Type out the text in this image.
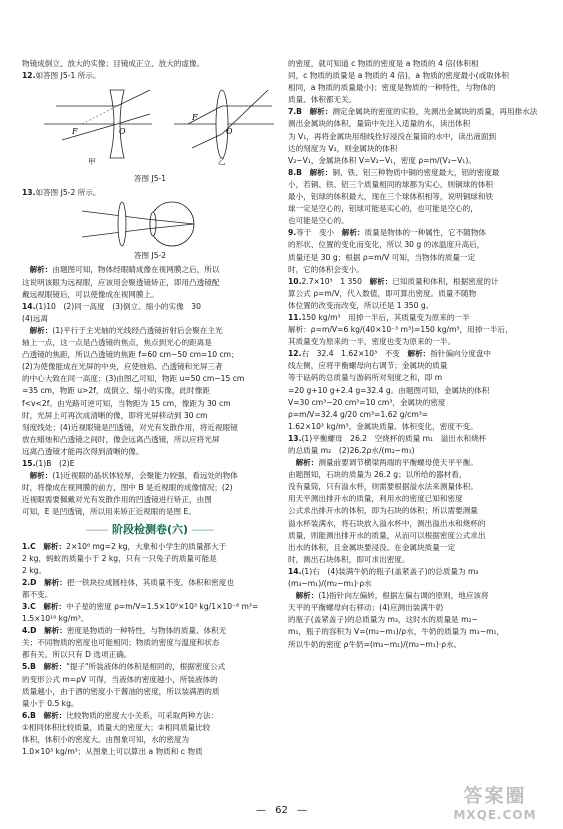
物镜成倒立、放大的实像；目镜成正立、放大的虚像。

12.如答图 J5-1 所示。

F	O
F
O
甲	乙

答图 J5-1

13.如答图 J5-2 所示。

答图 J5-2

　解析：由题图可知，物体经眼睛成像在视网膜之后，所以

这说明该眼为远视眼，应该用会聚透镜矫正，即用凸透镜配

戴远视眼镜后，可以使像成在视网膜上。

14.(1)10　(2)同一高度　(3)倒立、缩小的实像　30

(4)远离

　解析：(1)平行于主光轴的光线经凸透镜折射后会聚在主光

轴上一点，这一点是凸透镜的焦点，焦点到光心的距离是

凸透镜的焦距，所以凸透镜的焦距 f=60 cm−50 cm=10 cm；

(2)为使像能成在光屏的中央，应使烛焰、凸透镜和光屏三者

的中心大致在同一高度；(3)由图乙可知，物距 u=50 cm−15 cm

=35 cm，物距 u>2f，成倒立、缩小的实像，此时像距

f<v<2f。由光路可逆可知，当物距为 15 cm，像距为 30 cm

时，光屏上可再次成清晰的像，即将光屏移动到 30 cm

刻度线处；(4)近视眼镜是凹透镜，对光有发散作用，将近视眼镜

放在蜡烛和凸透镜之间时，像会远离凸透镜，所以应将光屏

远离凸透镜才能再次得到清晰的像。

15.(1)B　(2)E

　解析：(1)近视眼的晶状体较厚，会聚能力较强，看远处的物体

时，将像成在视网膜的前方，图中 B 是近视眼的成像情况；(2)

近视眼需要佩戴对光有发散作用的凹透镜进行矫正，由图

可知，E 是凹透镜，所以用来矫正近视眼的是图 E。

―― 阶段检测卷(六) ――

1.C　 解析：2×10⁶ mg=2 kg，大象和小学生的质量都大于

2 kg，蚂蚁的质量小于 2 kg，只有一只兔子的质量可能是

2 kg。

2.D　 解析：把一铁块拉成圆柱体，其质量不变，体积和密度也

都不变。

3.C　 解析：中子星的密度 ρ=m/V=1.5×10⁹×10³ kg/1×10⁻⁶ m³=

1.5×10¹⁸ kg/m³。

4.D　 解析：密度是物质的一种特性，与物体的质量、体积无

关；不同物质的密度也可能相同；物质的密度与温度和状态

都有关。所以只有 D 选项正确。

5.B　 解析："提子"所装液体的体积是相同的，根据密度公式

的变形公式 m=ρV 可得，当液体的密度越小，所装液体的

质量越小，由于酒的密度小于酱油的密度，所以装满酒的质

量小于 0.5 kg。

6.B　 解析：比较物质的密度大小关系，可采取两种方法：

①相同体积比较质量，质量大的密度大；②相同质量比较

体积，体积小的密度大。由图象可知，水的密度为

1.0×10³ kg/m³；从图象上可以算出 a 物质和 c 物质

的密度，就可知道 c 物质的密度是 a 物质的 4 倍(体积相

同，c 物质的质量是 a 物质的 4 倍)，a 物质的密度最小(或取体积

相同，a 物质的质量最小)；密度是物质的一种特性，与物体的

质量、体积都无关。

7.B　 解析：测定金属块的密度的实验，先测出金属块的质量，再用排水法

测出金属块的体积，量筒中先注入适量的水，读出体积

为 V₁，再将金属块用细线拴好浸没在量筒的水中，读出液面到

达的刻度为 V₂，则金属块的体积

V₂−V₁，金属块体积 V=V₂−V₁，密度 ρ=m/(V₂−V₁)。

8.B　 解析：铜、铁、铝三种物质中铜的密度最大，铝的密度最

小，若铜、铁、铝三个质量相同的球都为实心，则铜球的体积

最小，铝球的体积最大，现在三个球体积相等，说明铜球和铁

球一定是空心的，铝球可能是实心的，也可能是空心的，

也可能是空心的。

9.等于　变小　 解析：质量是物体的一种属性，它不随物体

的形状、位置的变化而变化，所以 30 g 的冰温度升高后，

质量还是 30 g；根据 ρ=m/V 可知，当物体的质量一定

时，它的体积会变小。

10.2.7×10³　1 350　 解析：已知质量和体积，根据密度的计

算公式 ρ=m/V，代入数值，即可算出密度。质量不随物

体位置的改变而改变，所以还是 1 350 g。

11.150 kg/m³　用掉一半后，其质量变为原来的一半

解析：ρ=m/V=6 kg/(40×10⁻³ m³)=150 kg/m³，用掉一半后，

其质量变为原来的一半，密度也变为原来的一半。

12.右　32.4　1.62×10³　不变　 解析：指针偏向分度盘中

线左侧，应将平衡螺母向右调节；金属块的质量

等于砝码的总质量与游码所对刻度之和，即 m

=20 g+10 g+2.4 g=32.4 g。由题图可知，金属块的体积

V=30 cm³−20 cm³=10 cm³，金属块的密度

ρ=m/V=32.4 g/20 cm³=1.62 g/cm³=

1.62×10³ kg/m³。金属块质量、体积变化，密度不变。

13.(1)平衡螺母　26.2　空烧杯的质量 m₁　溢出水和烧杯

的总质量 m₂　(2)26.2ρ水/(m₂−m₁)

　解析：测量前要调节横梁两端的平衡螺母使天平平衡。

由题图知，石块的质量为 26.2 g；以所给的器材看，

没有量筒，只有溢水杯，则需要根据溢水法来测量体积。

用天平测出排开水的质量，利用水的密度已知和密度

公式求出排开水的体积，即为石块的体积；所以需要测量

溢水杯装满水，将石块放入溢水杯中，测出溢出水和烧杯的

质量，则能测出排开水的质量，从而可以根据密度公式求出

出水的体积，且金属块要浸没。在金属块质量一定

时，测出石块体积，即可求出密度。

14.(1)右　(4)装满牛奶的瓶子(盖紧盖子)的总质量为 m₃

(m₃−m₁)/(m₂−m₁)·ρ水

　解析：(1)指针向左偏转，根据左偏右调的原则，地应该将

天平的平衡螺母向右移动；(4)应测出装满牛奶

的瓶子(盖紧盖子)的总质量为 m₃，这时水的质量是 m₂−

m₁，瓶子的容积为 V=(m₂−m₁)/ρ水，牛奶的质量为 m₃−m₁，

所以牛奶的密度 ρ牛奶=(m₃−m₁)/(m₂−m₁)·ρ水。

— 62 —
答案圈
MXQE.COM
